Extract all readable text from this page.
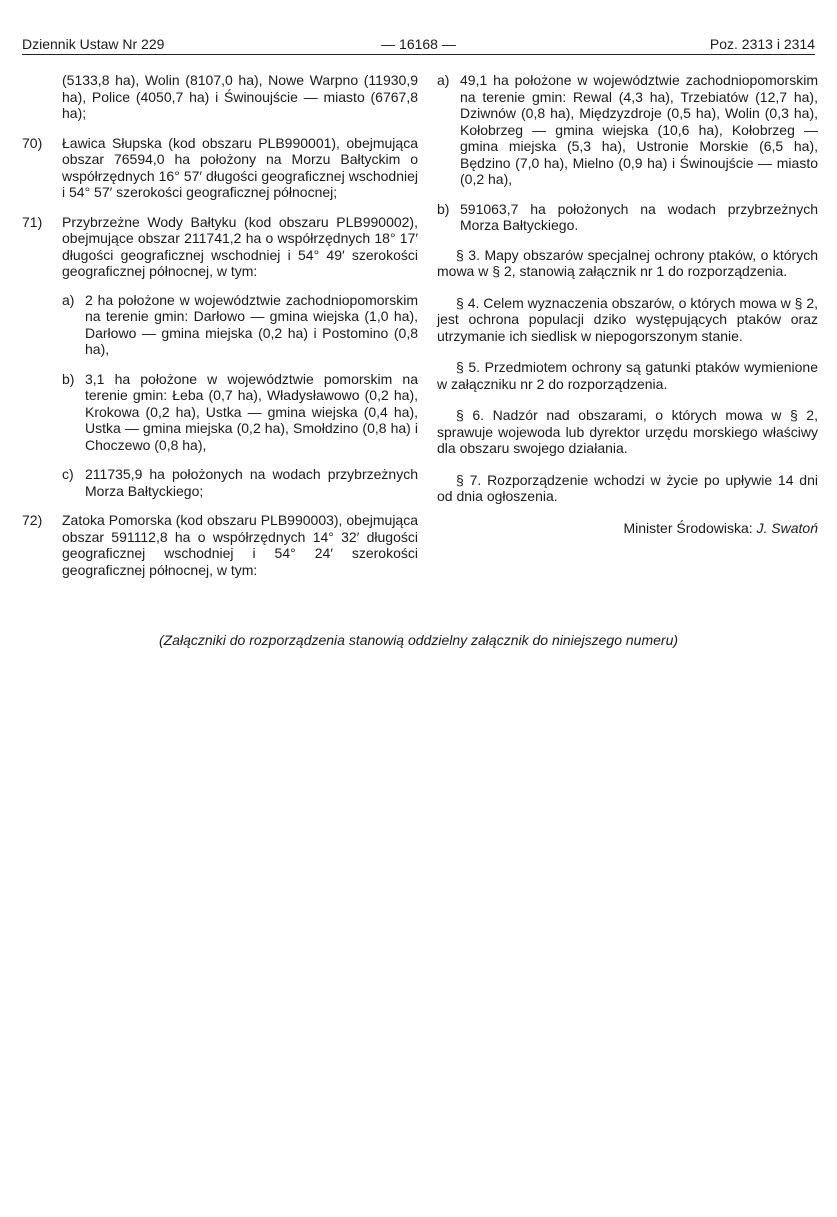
Dziennik Ustaw Nr 229	— 16168 —	Poz. 2313 i 2314

(5133,8 ha), Wolin (8107,0 ha), Nowe Warpno (11930,9 ha), Police (4050,7 ha) i Świnoujście — miasto (6767,8 ha);

70)	Ławica Słupska (kod obszaru PLB990001), obejmująca obszar 76594,0 ha położony na Morzu Bałtyckim o współrzędnych 16° 57′ długości geograficznej wschodniej i 54° 57′ szerokości geograficznej północnej;

71)	Przybrzeżne Wody Bałtyku (kod obszaru PLB990002), obejmujące obszar 211741,2 ha o współrzędnych 18° 17′ długości geograficznej wschodniej i 54° 49′ szerokości geograficznej północnej, w tym:

a) 2 ha położone w województwie zachodniopomorskim na terenie gmin: Darłowo — gmina wiejska (1,0 ha), Darłowo — gmina miejska (0,2 ha) i Postomino (0,8 ha),

b) 3,1 ha położone w województwie pomorskim na terenie gmin: Łeba (0,7 ha), Władysławowo (0,2 ha), Krokowa (0,2 ha), Ustka — gmina wiejska (0,4 ha), Ustka — gmina miejska (0,2 ha), Smołdzino (0,8 ha) i Choczewo (0,8 ha),

c) 211735,9 ha położonych na wodach przybrzeżnych Morza Bałtyckiego;

72)	Zatoka Pomorska (kod obszaru PLB990003), obejmująca obszar 591112,8 ha o współrzędnych 14° 32′ długości geograficznej wschodniej i 54° 24′ szerokości geograficznej północnej, w tym:

a) 49,1 ha położone w województwie zachodniopomorskim na terenie gmin: Rewal (4,3 ha), Trzebiatów (12,7 ha), Dziwnów (0,8 ha), Międzyzdroje (0,5 ha), Wolin (0,3 ha), Kołobrzeg — gmina wiejska (10,6 ha), Kołobrzeg — gmina miejska (5,3 ha), Ustronie Morskie (6,5 ha), Będzino (7,0 ha), Mielno (0,9 ha) i Świnoujście — miasto (0,2 ha),

b) 591063,7 ha położonych na wodach przybrzeżnych Morza Bałtyckiego.

§ 3. Mapy obszarów specjalnej ochrony ptaków, o których mowa w § 2, stanowią załącznik nr 1 do rozporządzenia.

§ 4. Celem wyznaczenia obszarów, o których mowa w § 2, jest ochrona populacji dziko występujących ptaków oraz utrzymanie ich siedlisk w niepogorszonym stanie.

§ 5. Przedmiotem ochrony są gatunki ptaków wymienione w załączniku nr 2 do rozporządzenia.

§ 6. Nadzór nad obszarami, o których mowa w § 2, sprawuje wojewoda lub dyrektor urzędu morskiego właściwy dla obszaru swojego działania.

§ 7. Rozporządzenie wchodzi w życie po upływie 14 dni od dnia ogłoszenia.

Minister Środowiska: J. Swatoń
(Załączniki do rozporządzenia stanowią oddzielny załącznik do niniejszego numeru)
